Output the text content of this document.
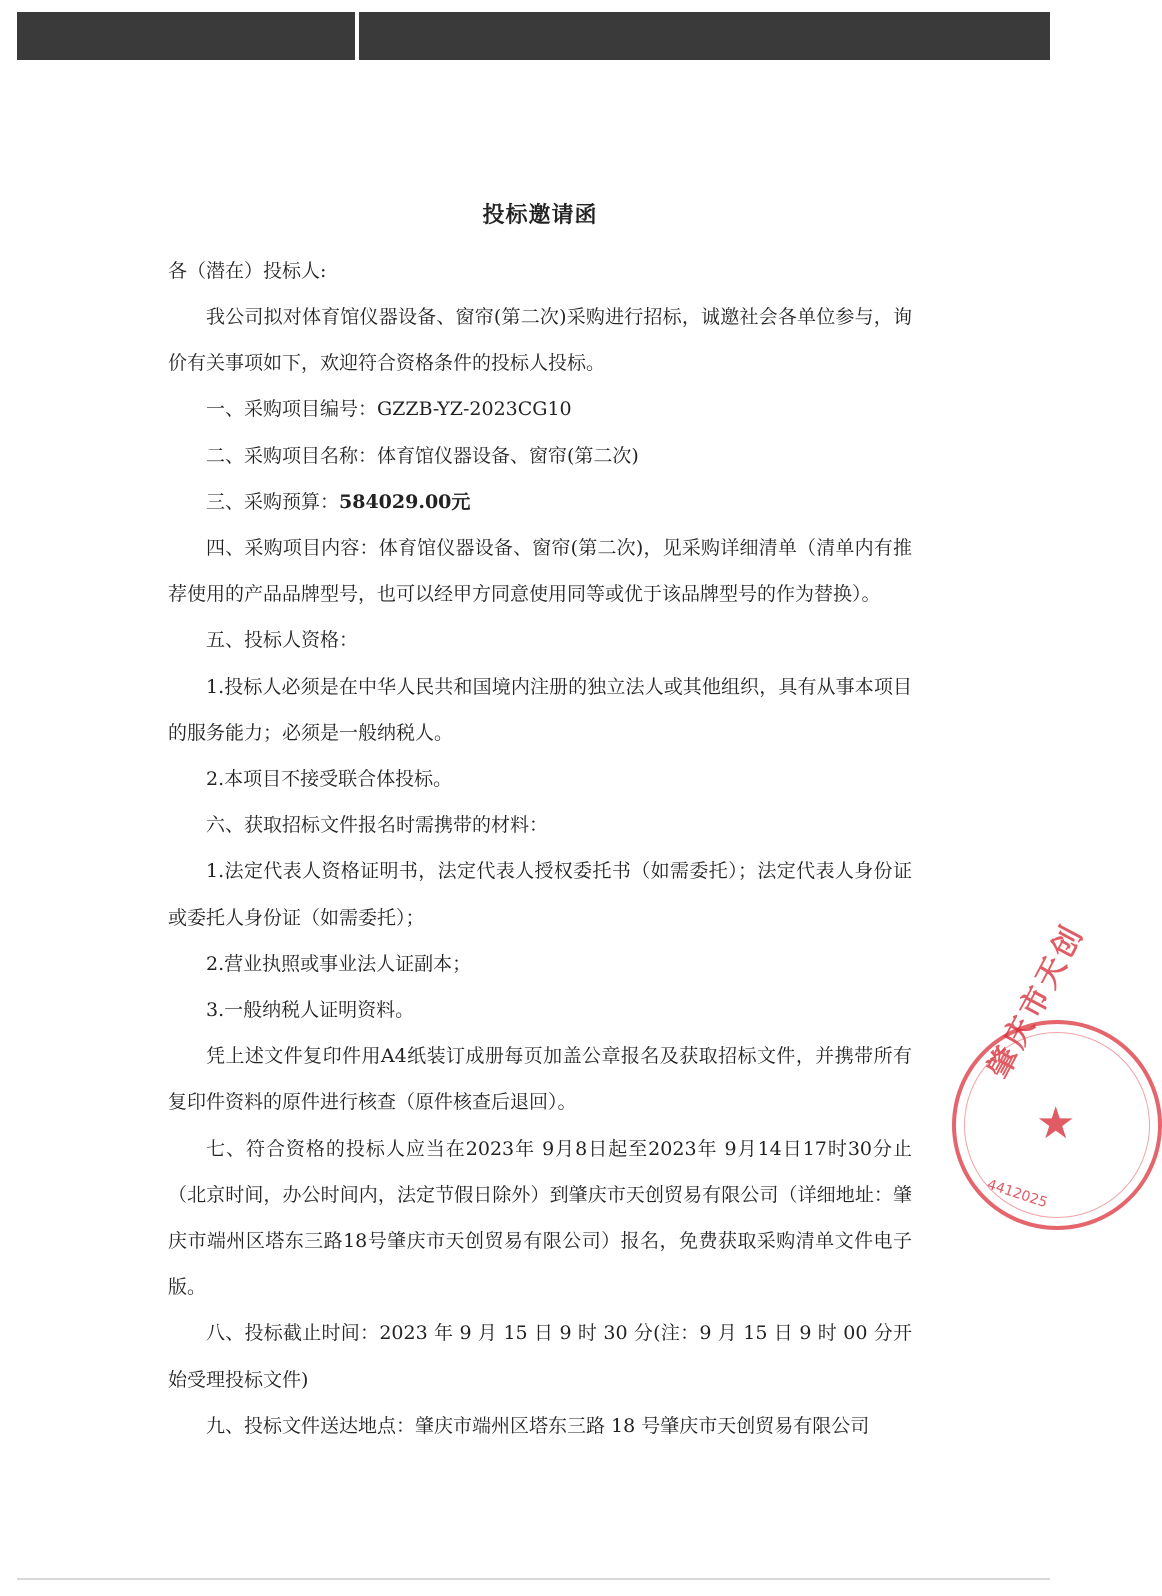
投标邀请函

各（潜在）投标人:

我公司拟对体育馆仪器设备、窗帘(第二次)采购进行招标，诚邀社会各单位参与，询价有关事项如下，欢迎符合资格条件的投标人投标。

一、采购项目编号：GZZB-YZ-2023CG10

二、采购项目名称：体育馆仪器设备、窗帘(第二次)

三、采购预算：584029.00元

四、采购项目内容：体育馆仪器设备、窗帘(第二次)，见采购详细清单（清单内有推荐使用的产品品牌型号，也可以经甲方同意使用同等或优于该品牌型号的作为替换）。

五、投标人资格：

1.投标人必须是在中华人民共和国境内注册的独立法人或其他组织，具有从事本项目的服务能力；必须是一般纳税人。

2.本项目不接受联合体投标。

六、获取招标文件报名时需携带的材料：

1.法定代表人资格证明书，法定代表人授权委托书（如需委托）；法定代表人身份证或委托人身份证（如需委托）；

2.营业执照或事业法人证副本；

3.一般纳税人证明资料。

凭上述文件复印件用A4纸装订成册每页加盖公章报名及获取招标文件，并携带所有复印件资料的原件进行核查（原件核查后退回）。

七、符合资格的投标人应当在2023年 9月8日起至2023年 9月14日17时30分止（北京时间，办公时间内，法定节假日除外）到肇庆市天创贸易有限公司（详细地址：肇庆市端州区塔东三路18号肇庆市天创贸易有限公司）报名，免费获取采购清单文件电子版。

八、投标截止时间：2023 年 9 月 15 日 9 时 30 分(注：9 月 15 日 9 时 00 分开始受理投标文件)

九、投标文件送达地点：肇庆市端州区塔东三路 18 号肇庆市天创贸易有限公司

肇庆市天创
★
4412025
